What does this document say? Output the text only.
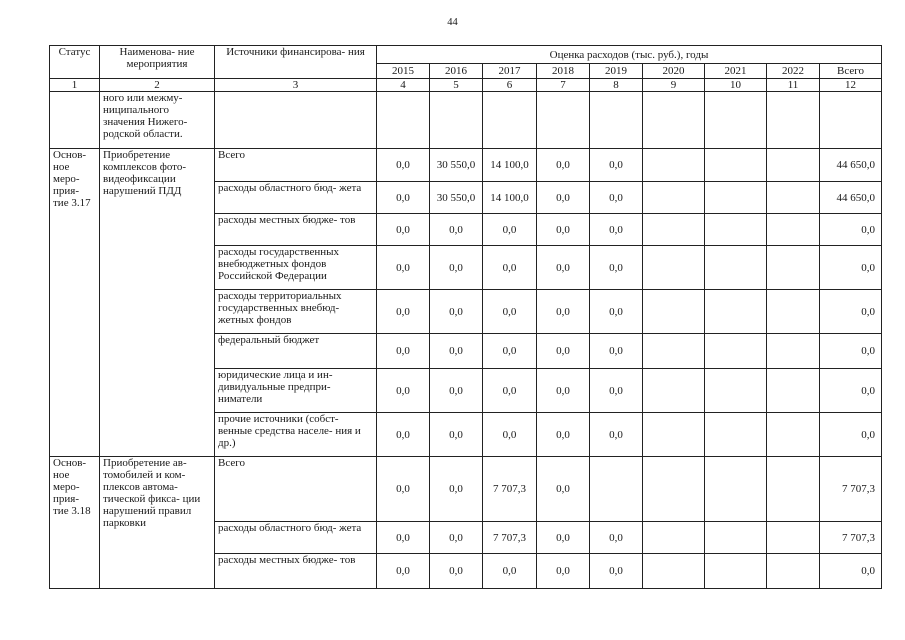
44
Статус	Наименова- ние мероприятия	Источники финансирова- ния	Оценка расходов (тыс. руб.), годы								
			2015	2016	2017	2018	2019	2020	2021	2022	Всего
1	2	3	4	5	6	7	8	9	10	11	12
	ного или межму- ниципального значения Нижего- родской области.										
Основ- ное меро- прия- тие 3.17	Приобретение комплексов фото- видеофиксации нарушений ПДД	Всего	0,0	30 550,0	14 100,0	0,0	0,0				44 650,0
		расходы областного бюд- жета	0,0	30 550,0	14 100,0	0,0	0,0				44 650,0
		расходы местных бюдже- тов	0,0	0,0	0,0	0,0	0,0				0,0
		расходы государственных внебюджетных фондов Российской Федерации	0,0	0,0	0,0	0,0	0,0				0,0
		расходы территориальных государственных внебюд- жетных фондов	0,0	0,0	0,0	0,0	0,0				0,0
		федеральный бюджет	0,0	0,0	0,0	0,0	0,0				0,0
		юридические лица и ин- дивидуальные предпри- ниматели	0,0	0,0	0,0	0,0	0,0				0,0
		прочие источники (собст- венные средства населе- ния и др.)	0,0	0,0	0,0	0,0	0,0				0,0
Основ- ное меро- прия- тие 3.18	Приобретение ав- томобилей и ком- плексов автома- тической фикса- ции нарушений правил парковки	Всего	0,0	0,0	7 707,3	0,0					7 707,3
		расходы областного бюд- жета	0,0	0,0	7 707,3	0,0	0,0				7 707,3
		расходы местных бюдже- тов	0,0	0,0	0,0	0,0	0,0				0,0
